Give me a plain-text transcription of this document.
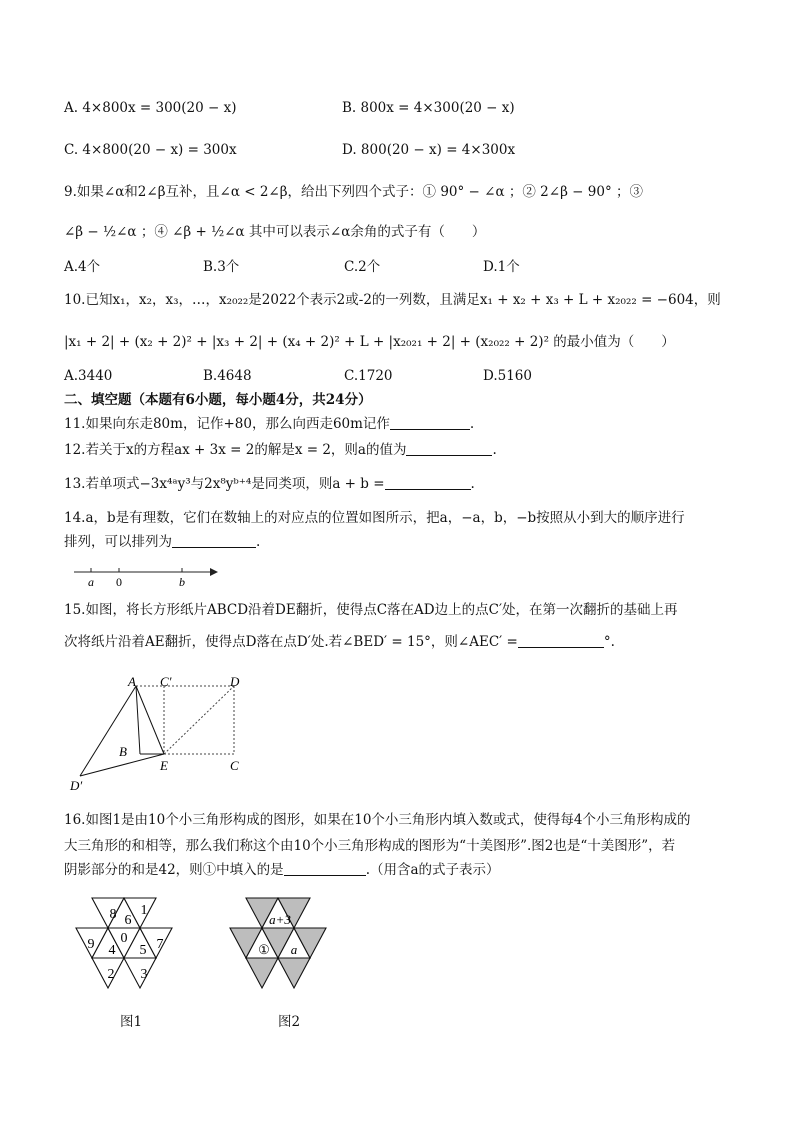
A. 4×800x = 300(20 − x)	B. 800x = 4×300(20 − x)
C. 4×800(20 − x) = 300x	D. 800(20 − x) = 4×300x
9.如果∠α和2∠β互补，且∠α < 2∠β，给出下列四个式子：① 90° − ∠α ；② 2∠β − 90° ；③
∠β − ½∠α ；④ ∠β + ½∠α 其中可以表示∠α余角的式子有（　　）
A.4个	B.3个	C.2个	D.1个
10.已知x₁，x₂，x₃，…，x₂₀₂₂是2022个表示2或-2的一列数，且满足x₁ + x₂ + x₃ + L + x₂₀₂₂ = −604，则
|x₁ + 2| + (x₂ + 2)² + |x₃ + 2| + (x₄ + 2)² + L + |x₂₀₂₁ + 2| + (x₂₀₂₂ + 2)² 的最小值为（　　）
A.3440	B.4648	C.1720	D.5160
二、填空题（本题有6小题，每小题4分，共24分）
11.如果向东走80m，记作+80，那么向西走60m记作	.
12.若关于x的方程ax + 3x = 2的解是x = 2，则a的值为	.
13.若单项式−3x⁴ᵃy³与2x⁸yᵇ⁺⁴是同类项，则a + b =	.
14.a，b是有理数，它们在数轴上的对应点的位置如图所示，把a，−a，b，−b按照从小到大的顺序进行
排列，可以排列为	.
a 0	b
15.如图，将长方形纸片ABCD沿着DE翻折，使得点C落在AD边上的点C′处，在第一次翻折的基础上再
次将纸片沿着AE翻折，使得点D落在点D′处.若∠BED′ = 15°，则∠AEC′ =	°.
A C′	D
B
E	C
D′
16.如图1是由10个小三角形构成的图形，如果在10个小三角形内填入数或式，使得每4个小三角形构成的
大三角形的和相等，那么我们称这个由10个小三角形构成的图形为“十美图形”.图2也是“十美图形”，若
阴影部分的和是42，则①中填入的是	.（用含a的式子表示）
8 6
1
9 4
0
5 7
2 3
图1
a+3
① a
图2
